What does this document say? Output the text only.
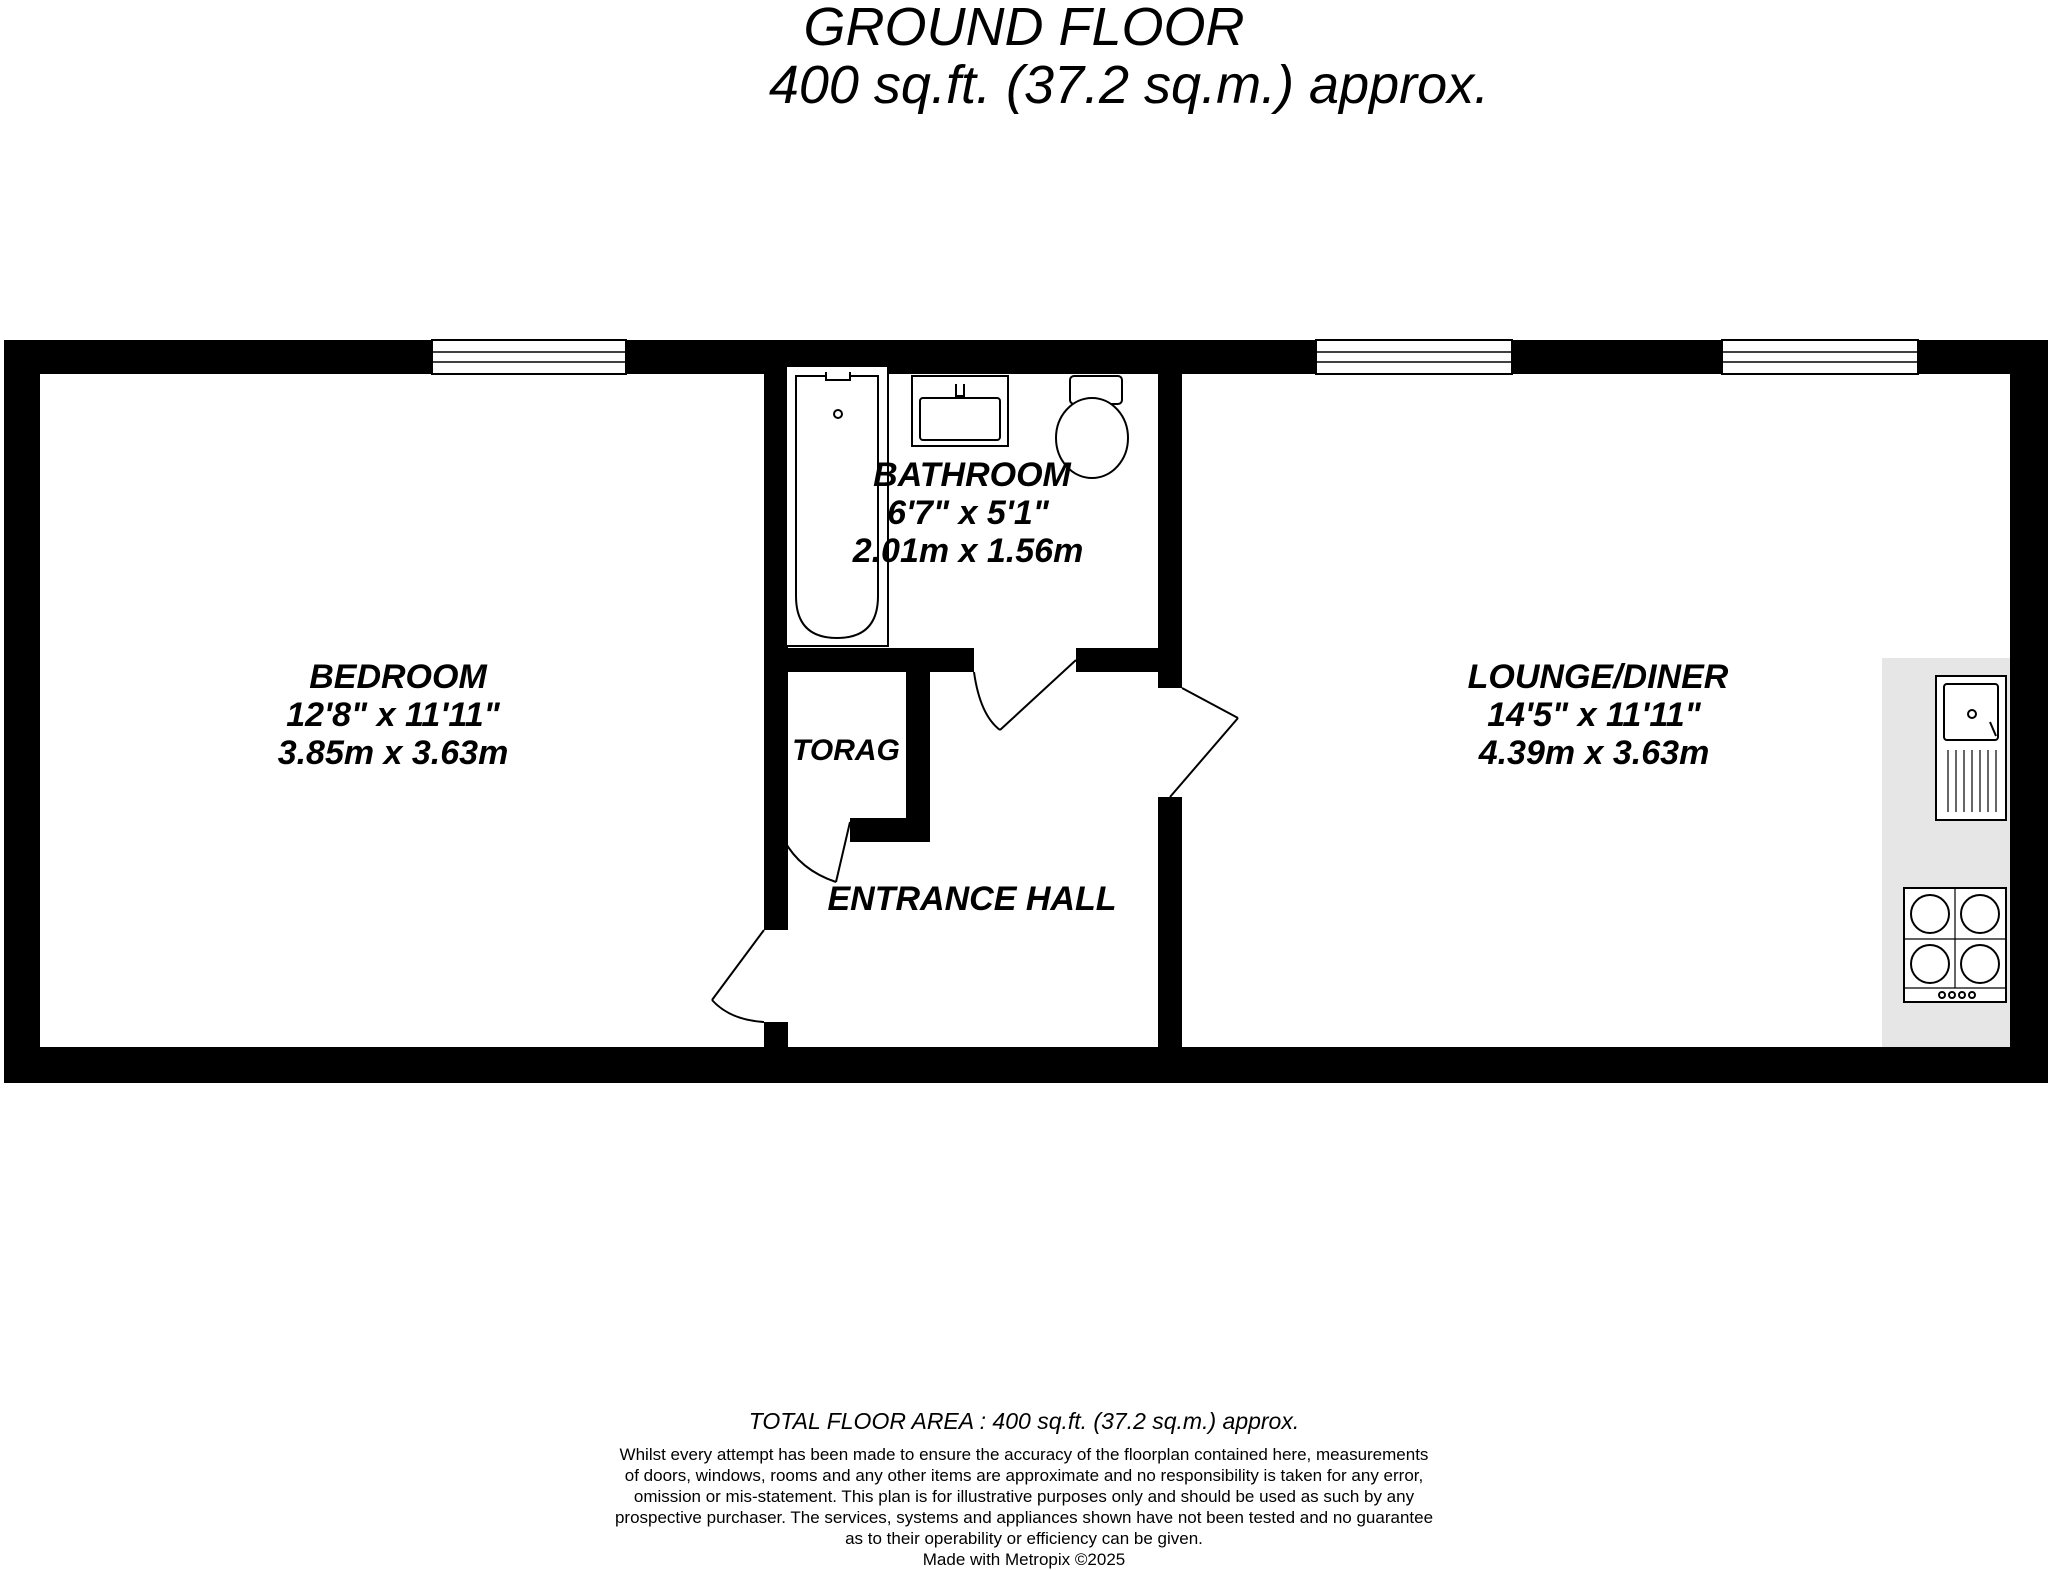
GROUND FLOOR
400 sq.ft. (37.2 sq.m.) approx.
BEDROOM
12'8" x 11'11"
3.85m x 3.63m
BATHROOM
6'7" x 5'1"
2.01m x 1.56m
LOUNGE/DINER
14'5" x 11'11"
4.39m x 3.63m
TORAG
ENTRANCE HALL
TOTAL FLOOR AREA : 400 sq.ft. (37.2 sq.m.) approx.
Whilst every attempt has been made to ensure the accuracy of the floorplan contained here, measurements
of doors, windows, rooms and any other items are approximate and no responsibility is taken for any error,
omission or mis-statement. This plan is for illustrative purposes only and should be used as such by any
prospective purchaser. The services, systems and appliances shown have not been tested and no guarantee
as to their operability or efficiency can be given.
Made with Metropix ©2025
